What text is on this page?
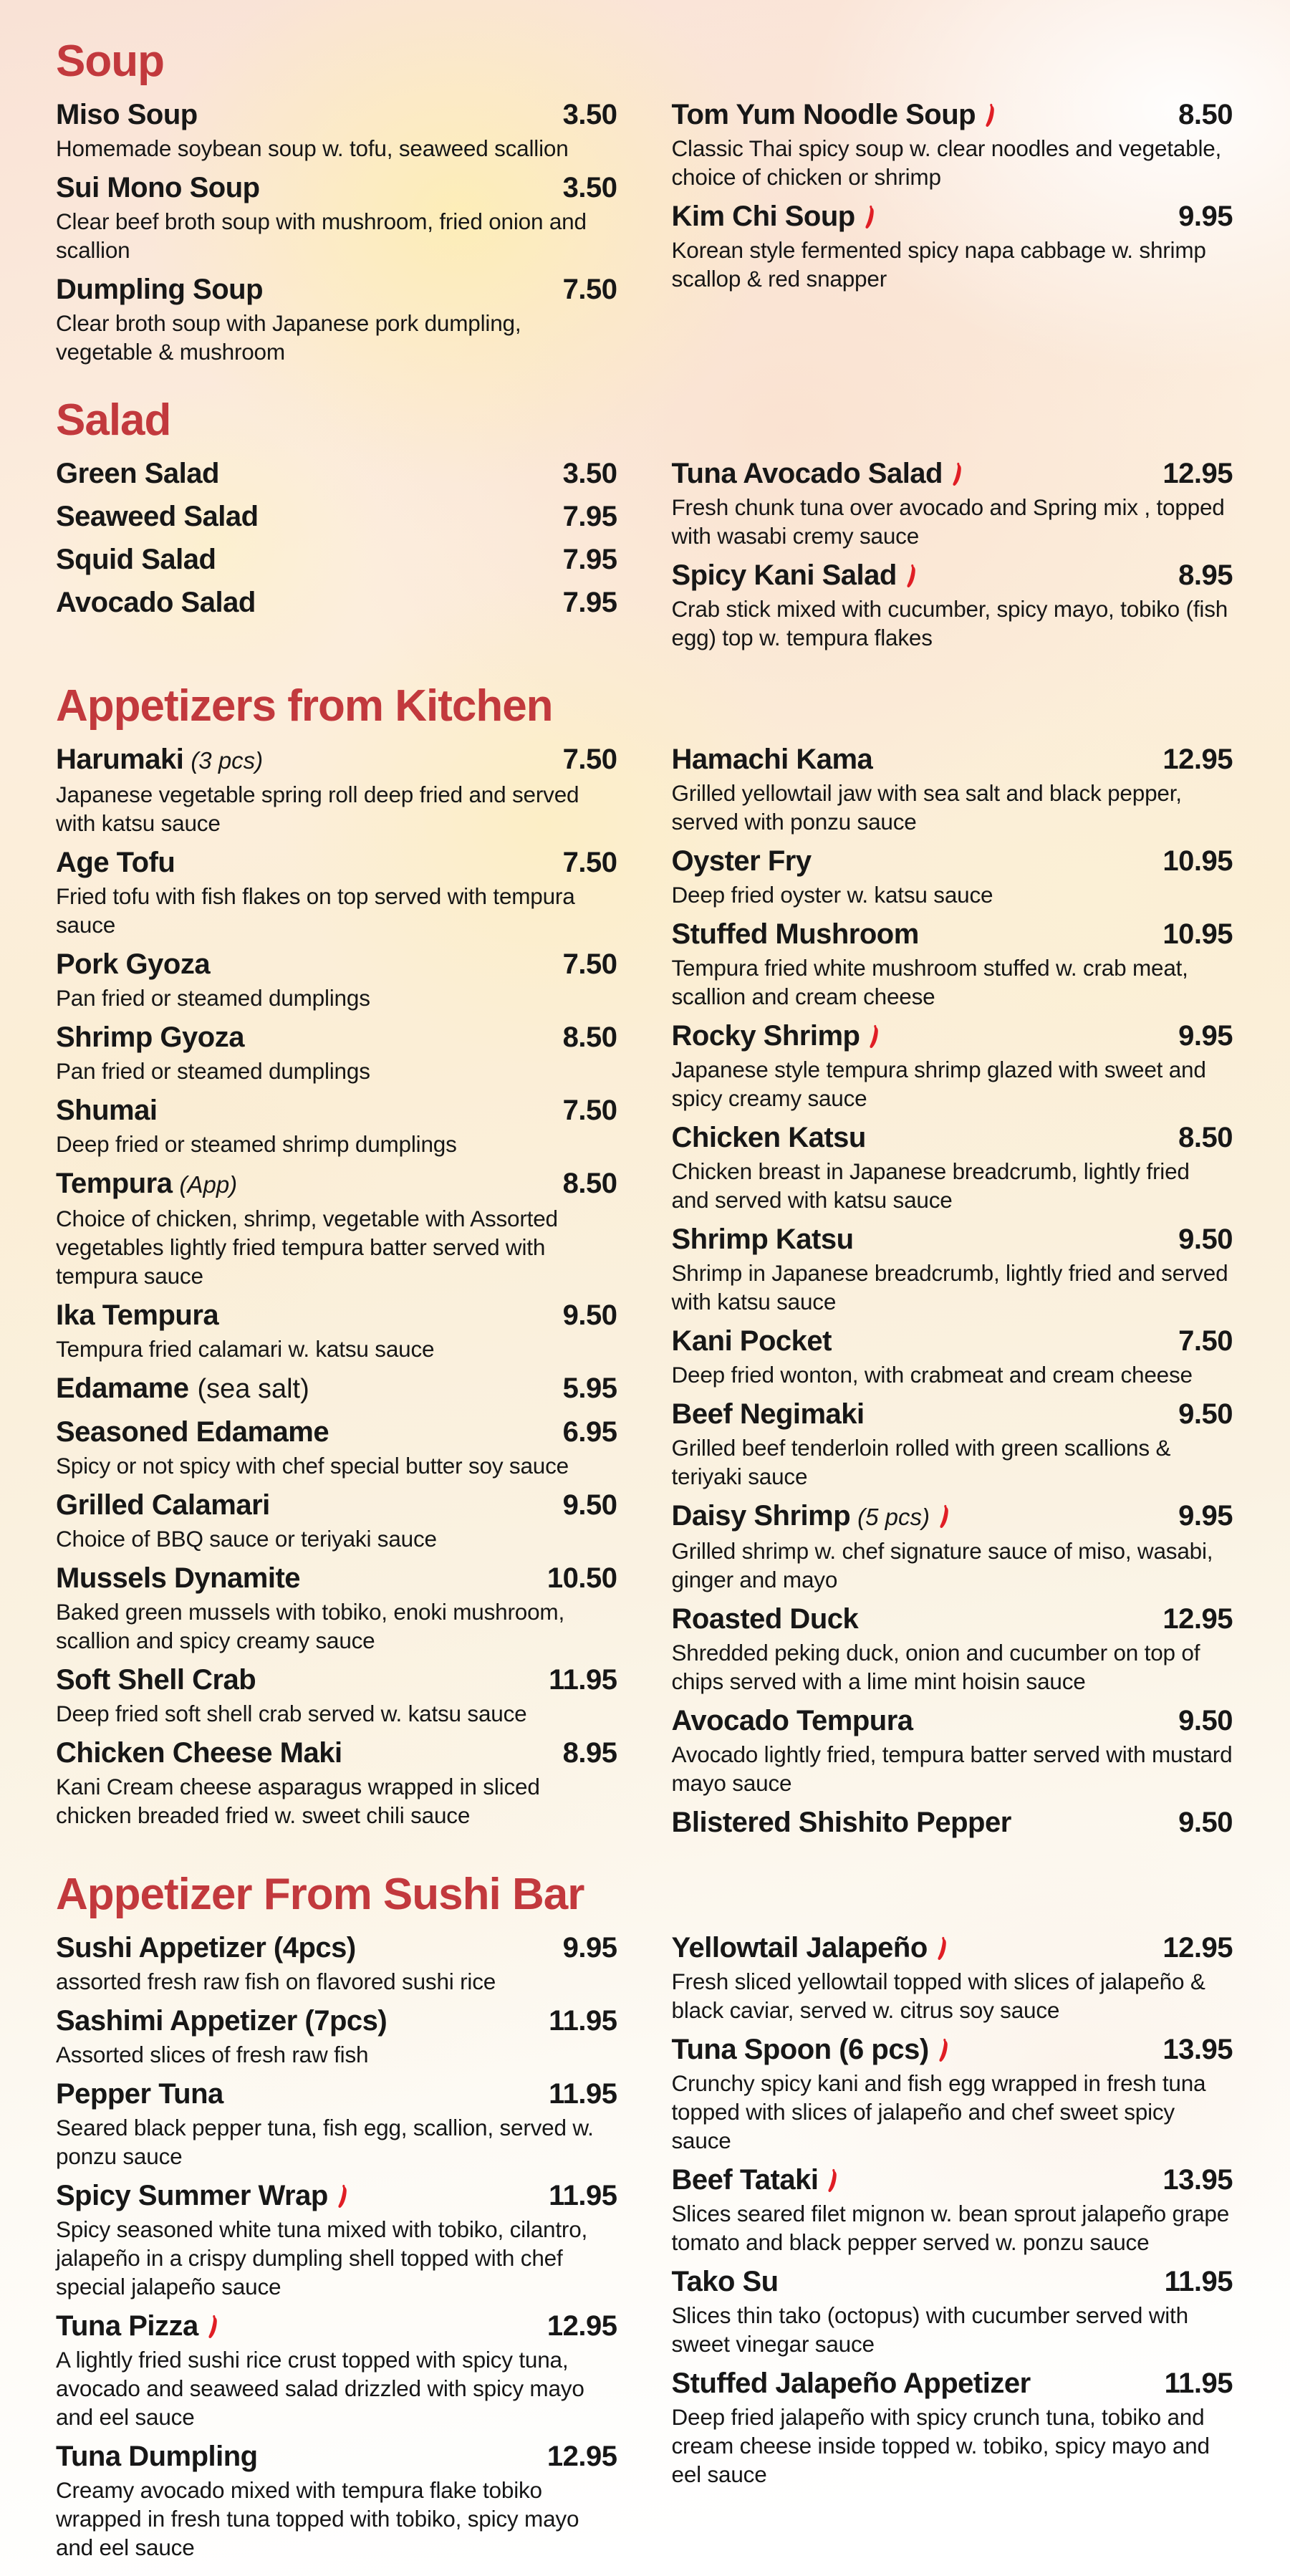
Soup
Miso Soup	3.50
Homemade soybean soup w. tofu, seaweed scallion
Sui Mono Soup	3.50
Clear beef broth soup with mushroom, fried onion and scallion
Dumpling Soup	7.50
Clear broth soup with Japanese pork dumpling, vegetable & mushroom
Tom Yum Noodle Soup	8.50
Classic Thai spicy soup w. clear noodles and vegetable, choice of chicken or shrimp
Kim Chi Soup	9.95
Korean style fermented spicy napa cabbage w. shrimp scallop & red snapper
Salad
Green Salad	3.50
Seaweed Salad	7.95
Squid Salad	7.95
Avocado Salad	7.95
Tuna Avocado Salad	12.95
Fresh chunk tuna over avocado and Spring mix , topped with wasabi cremy sauce
Spicy Kani Salad	8.95
Crab stick mixed with cucumber, spicy mayo, tobiko (fish egg) top w. tempura flakes
Appetizers from Kitchen
Harumaki (3 pcs)	7.50
Japanese vegetable spring roll deep fried and served with katsu sauce
Age Tofu	7.50
Fried tofu with fish flakes on top served with tempura sauce
Pork Gyoza	7.50
Pan fried or steamed dumplings
Shrimp Gyoza	8.50
Pan fried or steamed dumplings
Shumai	7.50
Deep fried or steamed shrimp dumplings
Tempura (App)	8.50
Choice of chicken, shrimp, vegetable with Assorted vegetables lightly fried tempura batter served with tempura sauce
Ika Tempura	9.50
Tempura fried calamari w. katsu sauce
Edamame (sea salt)	5.95
Seasoned Edamame	6.95
Spicy or not spicy with chef special butter soy sauce
Grilled Calamari	9.50
Choice of BBQ sauce or teriyaki sauce
Mussels Dynamite	10.50
Baked green mussels with tobiko, enoki mushroom, scallion and spicy creamy sauce
Soft Shell Crab	11.95
Deep fried soft shell crab served w. katsu sauce
Chicken Cheese Maki	8.95
Kani Cream cheese asparagus wrapped in sliced chicken breaded fried w. sweet chili sauce
Hamachi Kama	12.95
Grilled yellowtail jaw with sea salt and black pepper, served with ponzu sauce
Oyster Fry	10.95
Deep fried oyster w. katsu sauce
Stuffed Mushroom	10.95
Tempura fried white mushroom stuffed w. crab meat, scallion and cream cheese
Rocky Shrimp	9.95
Japanese style tempura shrimp glazed with sweet and spicy creamy sauce
Chicken Katsu	8.50
Chicken breast in Japanese breadcrumb, lightly fried and served with katsu sauce
Shrimp Katsu	9.50
Shrimp in Japanese breadcrumb, lightly fried and served with katsu sauce
Kani Pocket	7.50
Deep fried wonton, with crabmeat and cream cheese
Beef Negimaki	9.50
Grilled beef tenderloin rolled with green scallions & teriyaki sauce
Daisy Shrimp (5 pcs)	9.95
Grilled shrimp w. chef signature sauce of miso, wasabi, ginger and mayo
Roasted Duck	12.95
Shredded peking duck, onion and cucumber on top of chips served with a lime mint hoisin sauce
Avocado Tempura	9.50
Avocado lightly fried, tempura batter served with mustard mayo sauce
Blistered Shishito Pepper	9.50
Appetizer From Sushi Bar
Sushi Appetizer (4pcs)	9.95
assorted fresh raw fish on flavored sushi rice
Sashimi Appetizer (7pcs)	11.95
Assorted slices of fresh raw fish
Pepper Tuna	11.95
Seared black pepper tuna, fish egg, scallion, served w. ponzu sauce
Spicy Summer Wrap	11.95
Spicy seasoned white tuna mixed with tobiko, cilantro, jalapeño in a crispy dumpling shell topped with chef special jalapeño sauce
Tuna Pizza	12.95
A lightly fried sushi rice crust topped with spicy tuna, avocado and seaweed salad drizzled with spicy mayo and eel sauce
Tuna Dumpling	12.95
Creamy avocado mixed with tempura flake tobiko wrapped in fresh tuna topped with tobiko, spicy mayo and eel sauce
Yellowtail Jalapeño	12.95
Fresh sliced yellowtail topped with slices of jalapeño & black caviar, served w. citrus soy sauce
Tuna Spoon (6 pcs)	13.95
Crunchy spicy kani and fish egg wrapped in fresh tuna topped with slices of jalapeño and chef sweet spicy sauce
Beef Tataki	13.95
Slices seared filet mignon w. bean sprout jalapeño grape tomato and black pepper served w. ponzu sauce
Tako Su	11.95
Slices thin tako (octopus) with cucumber served with sweet vinegar sauce
Stuffed Jalapeño Appetizer	11.95
Deep fried jalapeño with spicy crunch tuna, tobiko and cream cheese inside topped w. tobiko, spicy mayo and eel sauce
